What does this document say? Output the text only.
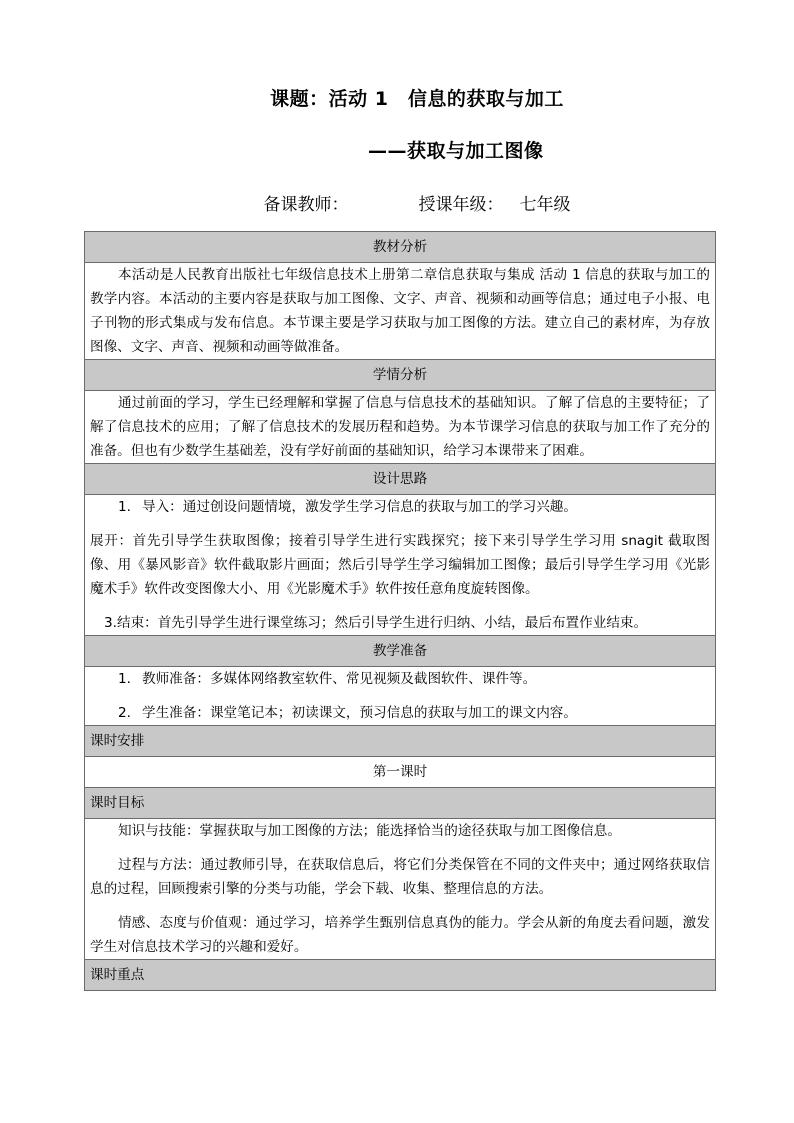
课题：活动 1　信息的获取与加工
——获取与加工图像
备课教师：	授课年级： 七年级
教材分析

本活动是人民教育出版社七年级信息技术上册第二章信息获取与集成 活动 1 信息的获取与加工的教学内容。本活动的主要内容是获取与加工图像、文字、声音、视频和动画等信息；通过电子小报、电子刊物的形式集成与发布信息。本节课主要是学习获取与加工图像的方法。建立自己的素材库，为存放图像、文字、声音、视频和动画等做准备。

学情分析

通过前面的学习，学生已经理解和掌握了信息与信息技术的基础知识。了解了信息的主要特征；了解了信息技术的应用；了解了信息技术的发展历程和趋势。为本节课学习信息的获取与加工作了充分的准备。但也有少数学生基础差，没有学好前面的基础知识，给学习本课带来了困难。

设计思路

1. 导入：通过创设问题情境，激发学生学习信息的获取与加工的学习兴趣。

展开：首先引导学生获取图像；接着引导学生进行实践探究；接下来引导学生学习用 snagit 截取图像、用《暴风影音》软件截取影片画面；然后引导学生学习编辑加工图像；最后引导学生学习用《光影魔术手》软件改变图像大小、用《光影魔术手》软件按任意角度旋转图像。

3.结束：首先引导学生进行课堂练习；然后引导学生进行归纳、小结，最后布置作业结束。

教学准备

1. 教师准备：多媒体网络教室软件、常见视频及截图软件、课件等。

2. 学生准备：课堂笔记本；初读课文，预习信息的获取与加工的课文内容。

课时安排
第一课时
课时目标

知识与技能：掌握获取与加工图像的方法；能选择恰当的途径获取与加工图像信息。

过程与方法：通过教师引导，在获取信息后，将它们分类保管在不同的文件夹中；通过网络获取信息的过程，回顾搜索引擎的分类与功能，学会下载、收集、整理信息的方法。

情感、态度与价值观：通过学习，培养学生甄别信息真伪的能力。学会从新的角度去看问题，激发学生对信息技术学习的兴趣和爱好。

课时重点
